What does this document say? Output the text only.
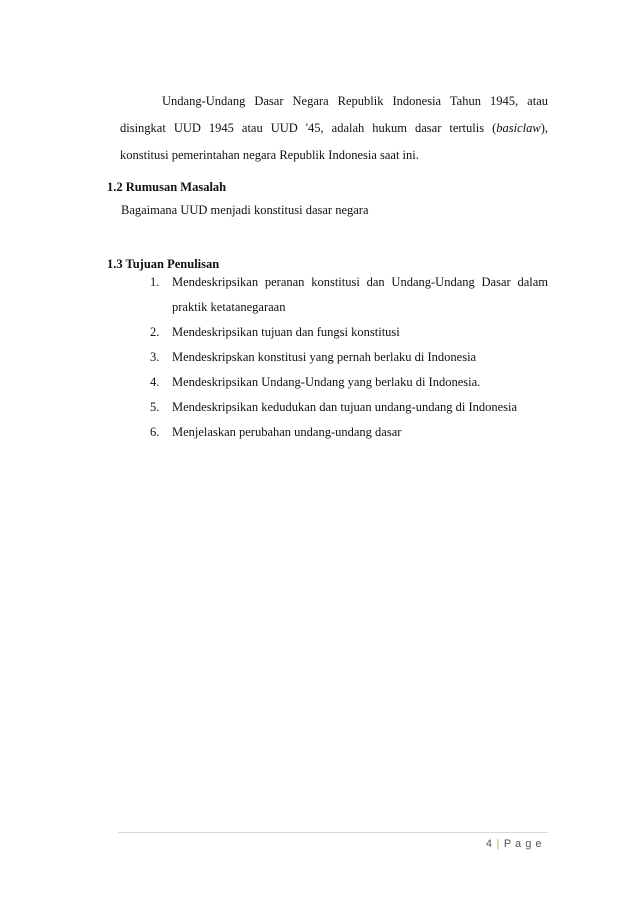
Undang-Undang Dasar Negara Republik Indonesia Tahun 1945, atau disingkat UUD 1945 atau UUD '45, adalah hukum dasar tertulis (basiclaw), konstitusi pemerintahan negara Republik Indonesia saat ini.

1.2 Rumusan Masalah
Bagaimana UUD menjadi konstitusi dasar negara
1.3 Tujuan Penulisan
1.	Mendeskripsikan peranan konstitusi dan Undang-Undang Dasar dalam praktik ketatanegaraan
2.	Mendeskripsikan tujuan dan fungsi konstitusi
3.	Mendeskripskan konstitusi yang pernah berlaku di Indonesia
4.	Mendeskripsikan Undang-Undang yang berlaku di Indonesia.
5.	Mendeskripsikan kedudukan dan tujuan undang-undang di Indonesia
6.	Menjelaskan perubahan undang-undang dasar
4 | P a g e
